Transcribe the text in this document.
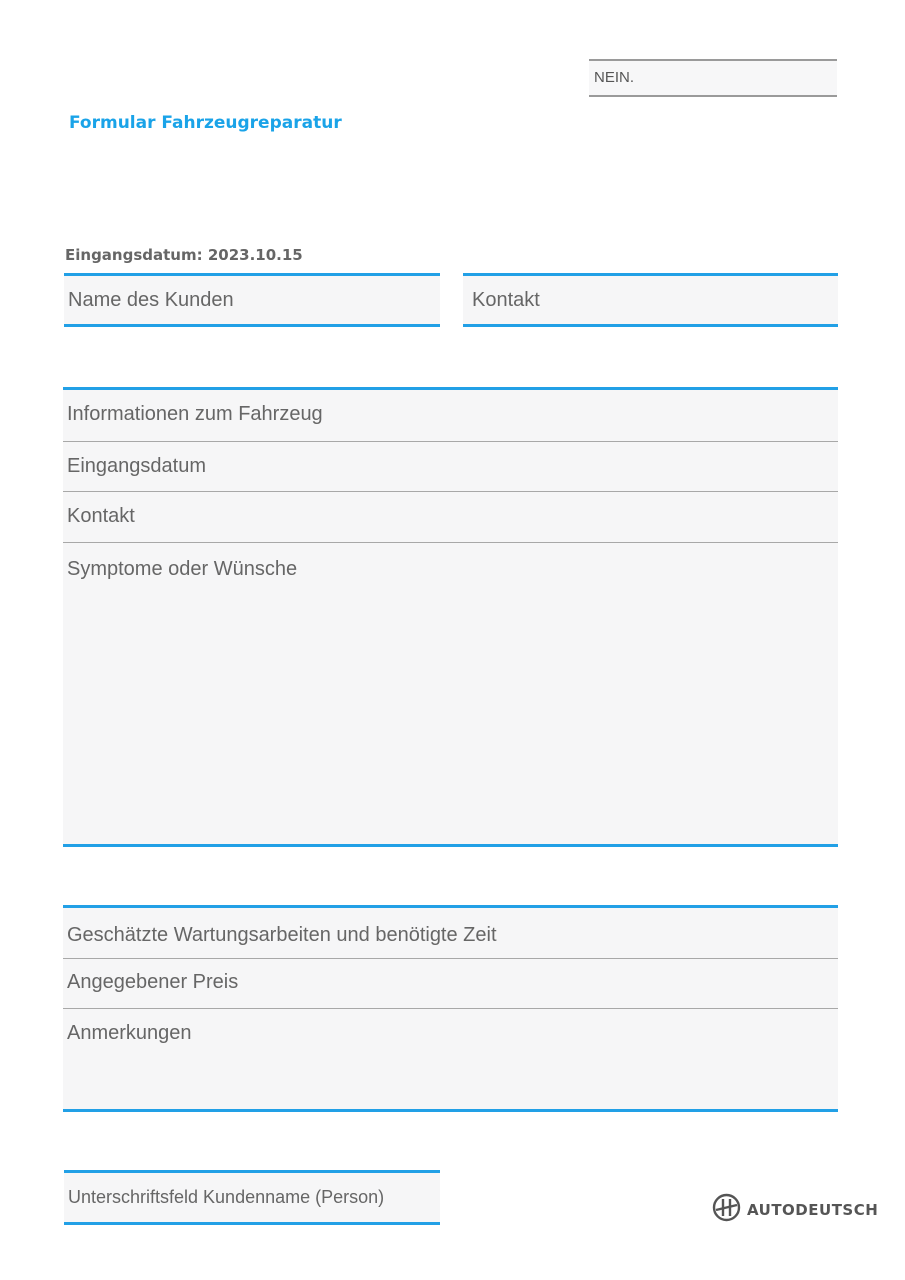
NEIN.
Formular Fahrzeugreparatur
Eingangsdatum: 2023.10.15
Name des Kunden	Kontakt
Informationen zum Fahrzeug
Eingangsdatum
Kontakt
Symptome oder Wünsche
Geschätzte Wartungsarbeiten und benötigte Zeit
Angegebener Preis
Anmerkungen
Unterschriftsfeld Kundenname (Person)
AUTODEUTSCH
